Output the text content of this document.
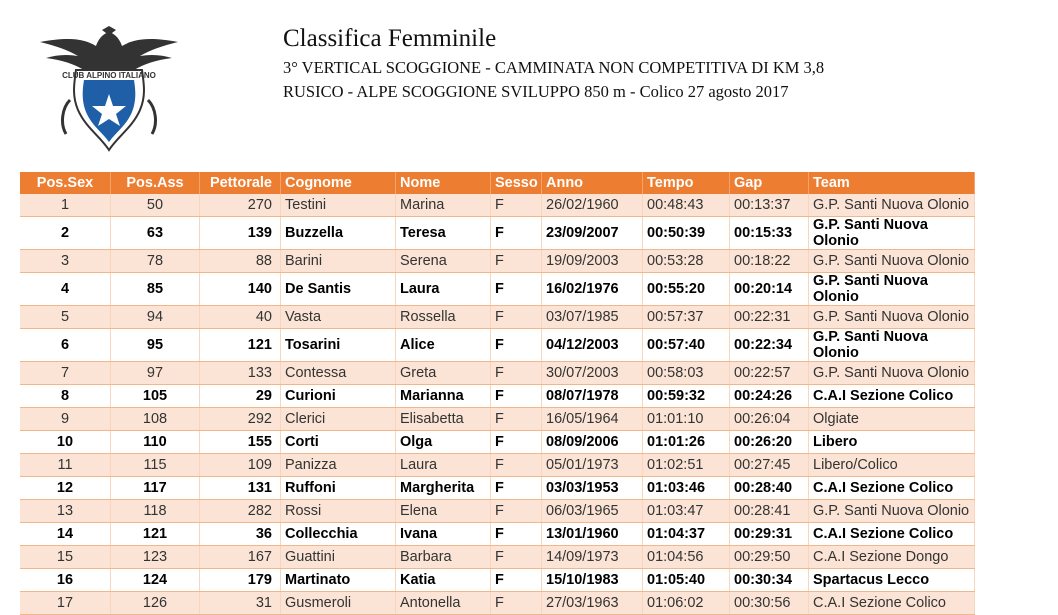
CLUB ALPINO ITALIANO
Classifica Femminile
3° VERTICAL SCOGGIONE - CAMMINATA NON COMPETITIVA DI KM 3,8
RUSICO - ALPE SCOGGIONE SVILUPPO 850 m - Colico 27 agosto 2017
Pos.Sex	Pos.Ass	Pettorale	Cognome	Nome	Sesso	Anno	Tempo	Gap	Team
1	50	270	Testini	Marina	F	26/02/1960	00:48:43	00:13:37	G.P. Santi Nuova Olonio
2	63	139	Buzzella	Teresa	F	23/09/2007	00:50:39	00:15:33	G.P. Santi Nuova Olonio
3	78	88	Barini	Serena	F	19/09/2003	00:53:28	00:18:22	G.P. Santi Nuova Olonio
4	85	140	De Santis	Laura	F	16/02/1976	00:55:20	00:20:14	G.P. Santi Nuova Olonio
5	94	40	Vasta	Rossella	F	03/07/1985	00:57:37	00:22:31	G.P. Santi Nuova Olonio
6	95	121	Tosarini	Alice	F	04/12/2003	00:57:40	00:22:34	G.P. Santi Nuova Olonio
7	97	133	Contessa	Greta	F	30/07/2003	00:58:03	00:22:57	G.P. Santi Nuova Olonio
8	105	29	Curioni	Marianna	F	08/07/1978	00:59:32	00:24:26	C.A.I Sezione Colico
9	108	292	Clerici	Elisabetta	F	16/05/1964	01:01:10	00:26:04	Olgiate
10	110	155	Corti	Olga	F	08/09/2006	01:01:26	00:26:20	Libero
11	115	109	Panizza	Laura	F	05/01/1973	01:02:51	00:27:45	Libero/Colico
12	117	131	Ruffoni	Margherita	F	03/03/1953	01:03:46	00:28:40	C.A.I Sezione Colico
13	118	282	Rossi	Elena	F	06/03/1965	01:03:47	00:28:41	G.P. Santi Nuova Olonio
14	121	36	Collecchia	Ivana	F	13/01/1960	01:04:37	00:29:31	C.A.I Sezione Colico
15	123	167	Guattini	Barbara	F	14/09/1973	01:04:56	00:29:50	C.A.I Sezione Dongo
16	124	179	Martinato	Katia	F	15/10/1983	01:05:40	00:30:34	Spartacus Lecco
17	126	31	Gusmeroli	Antonella	F	27/03/1963	01:06:02	00:30:56	C.A.I Sezione Colico
